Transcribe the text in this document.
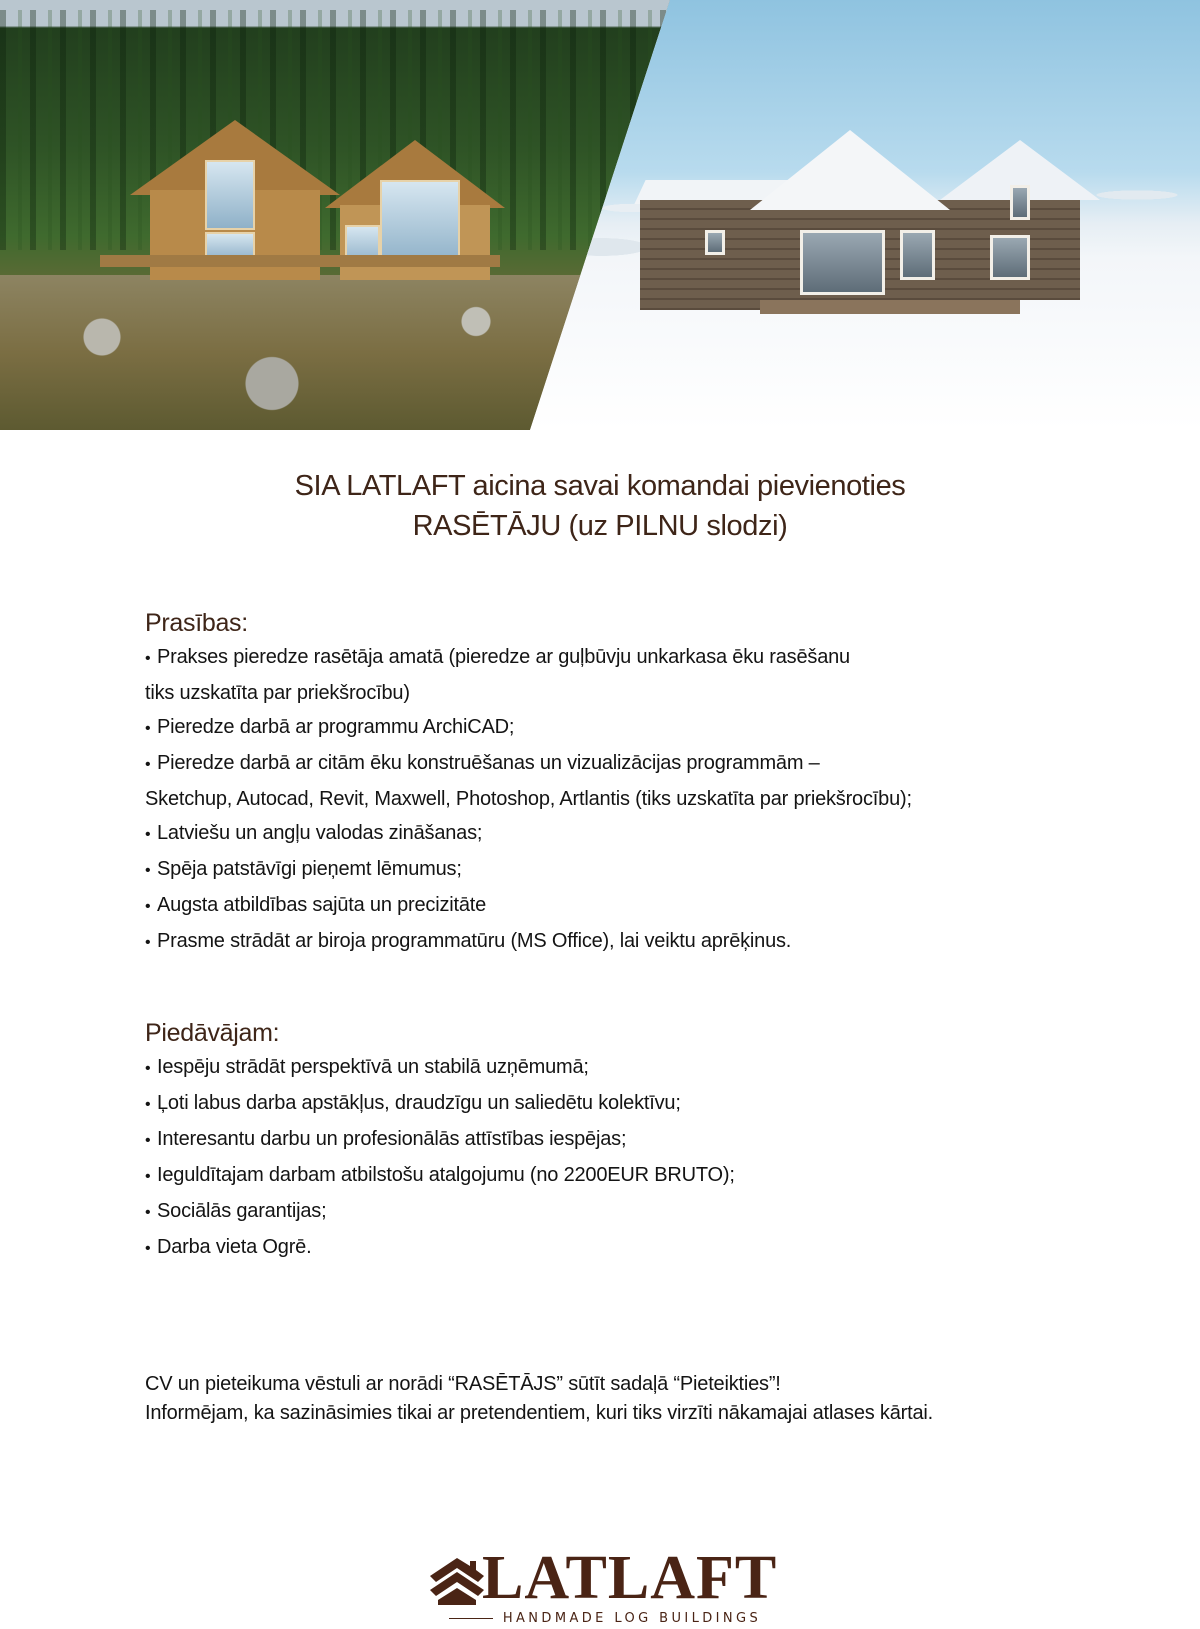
SIA LATLAFT aicina savai komandai pievienoties
RASĒTĀJU (uz PILNU slodzi)
Prasības:
• Prakses pieredze rasētāja amatā (pieredze ar guļbūvju unkarkasa ēku rasēšanu
tiks uzskatīta par priekšrocību)
• Pieredze darbā ar programmu ArchiCAD;
• Pieredze darbā ar citām ēku konstruēšanas un vizualizācijas programmām –
Sketchup, Autocad, Revit, Maxwell, Photoshop, Artlantis (tiks uzskatīta par priekšrocību);
• Latviešu un angļu valodas zināšanas;
• Spēja patstāvīgi pieņemt lēmumus;
• Augsta atbildības sajūta un precizitāte
• Prasme strādāt ar biroja programmatūru (MS Office), lai veiktu aprēķinus.
Piedāvājam:
• Iespēju strādāt perspektīvā un stabilā uzņēmumā;
• Ļoti labus darba apstākļus, draudzīgu un saliedētu kolektīvu;
• Interesantu darbu un profesionālās attīstības iespējas;
• Ieguldītajam darbam atbilstošu atalgojumu (no 2200EUR BRUTO);
• Sociālās garantijas;
• Darba vieta Ogrē.

CV un pieteikuma vēstuli ar norādi “RASĒTĀJS” sūtīt sadaļā “Pieteikties”!

Informējam, ka sazināsimies tikai ar pretendentiem, kuri tiks virzīti nākamajai atlases kārtai.

LATLAFT
HANDMADE LOG BUILDINGS
